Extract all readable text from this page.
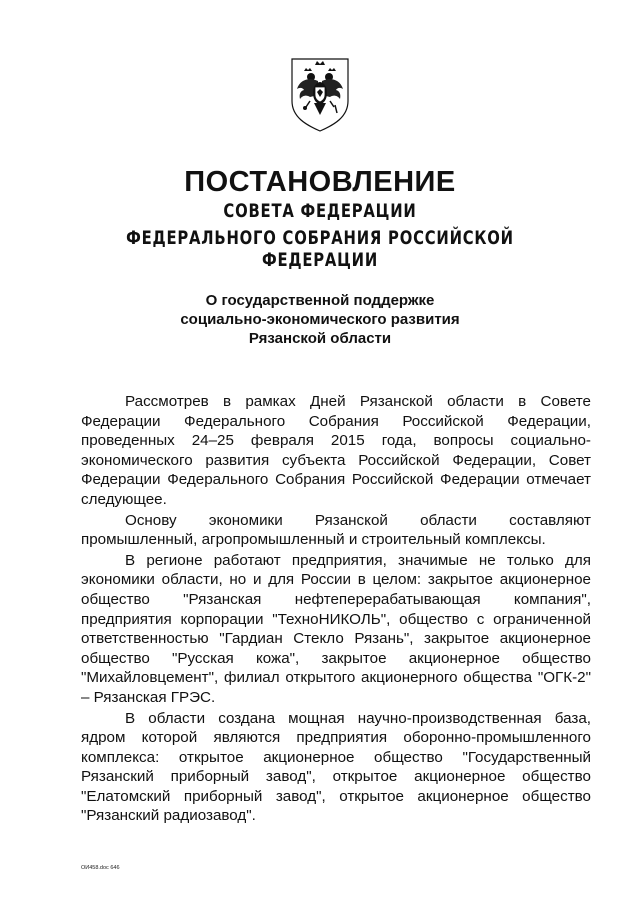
ПОСТАНОВЛЕНИЕ
СОВЕТА ФЕДЕРАЦИИ
ФЕДЕРАЛЬНОГО СОБРАНИЯ РОССИЙСКОЙ ФЕДЕРАЦИИ
О государственной поддержке
социально-экономического развития
Рязанской области

Рассмотрев в рамках Дней Рязанской области в Совете Федерации Федерального Собрания Российской Федерации, проведенных 24–25 февраля 2015 года, вопросы социально-экономического развития субъекта Российской Федерации, Совет Федерации Федерального Собрания Российской Федерации отмечает следующее.

Основу экономики Рязанской области составляют промышленный, агропромышленный и строительный комплексы.

В регионе работают предприятия, значимые не только для экономики области, но и для России в целом: закрытое акционерное общество "Рязанская нефтеперерабатывающая компания", предприятия корпорации "ТехноНИКОЛЬ", общество с ограниченной ответственностью "Гардиан Стекло Рязань", закрытое акционерное общество "Русская кожа", закрытое акционерное общество "Михайловцемент", филиал открытого акционерного общества "ОГК-2" – Рязанская ГРЭС.

В области создана мощная научно-производственная база, ядром которой являются предприятия оборонно-промышленного комплекса: открытое акционерное общество "Государственный Рязанский приборный завод", открытое акционерное общество "Елатомский приборный завод", открытое акционерное общество "Рязанский радиозавод".

ОИ458.doc 646
